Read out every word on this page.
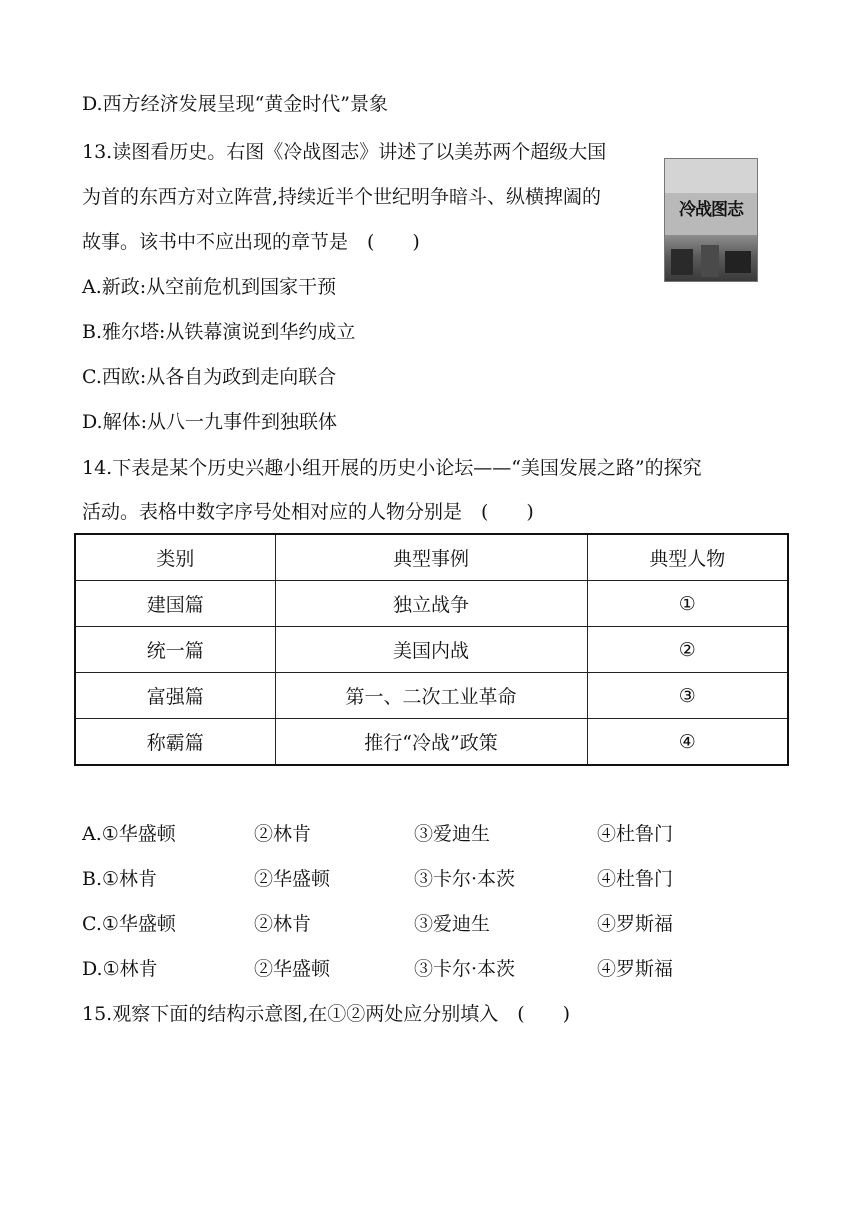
D.西方经济发展呈现“黄金时代”景象
13.读图看历史。右图《冷战图志》讲述了以美苏两个超级大国
为首的东西方对立阵营,持续近半个世纪明争暗斗、纵横捭阖的
故事。该书中不应出现的章节是　(　　)
冷战图志
A.新政:从空前危机到国家干预
B.雅尔塔:从铁幕演说到华约成立
C.西欧:从各自为政到走向联合
D.解体:从八一九事件到独联体
14.下表是某个历史兴趣小组开展的历史小论坛——“美国发展之路”的探究
活动。表格中数字序号处相对应的人物分别是　(　　)
类别	典型事例	典型人物
建国篇	独立战争	①
统一篇	美国内战	②
富强篇	第一、二次工业革命	③
称霸篇	推行“冷战”政策	④
A.①华盛顿	②林肯	③爱迪生	④杜鲁门
B.①林肯	②华盛顿	③卡尔·本茨	④杜鲁门
C.①华盛顿	②林肯	③爱迪生	④罗斯福
D.①林肯	②华盛顿	③卡尔·本茨	④罗斯福
15.观察下面的结构示意图,在①②两处应分别填入　(　　)
